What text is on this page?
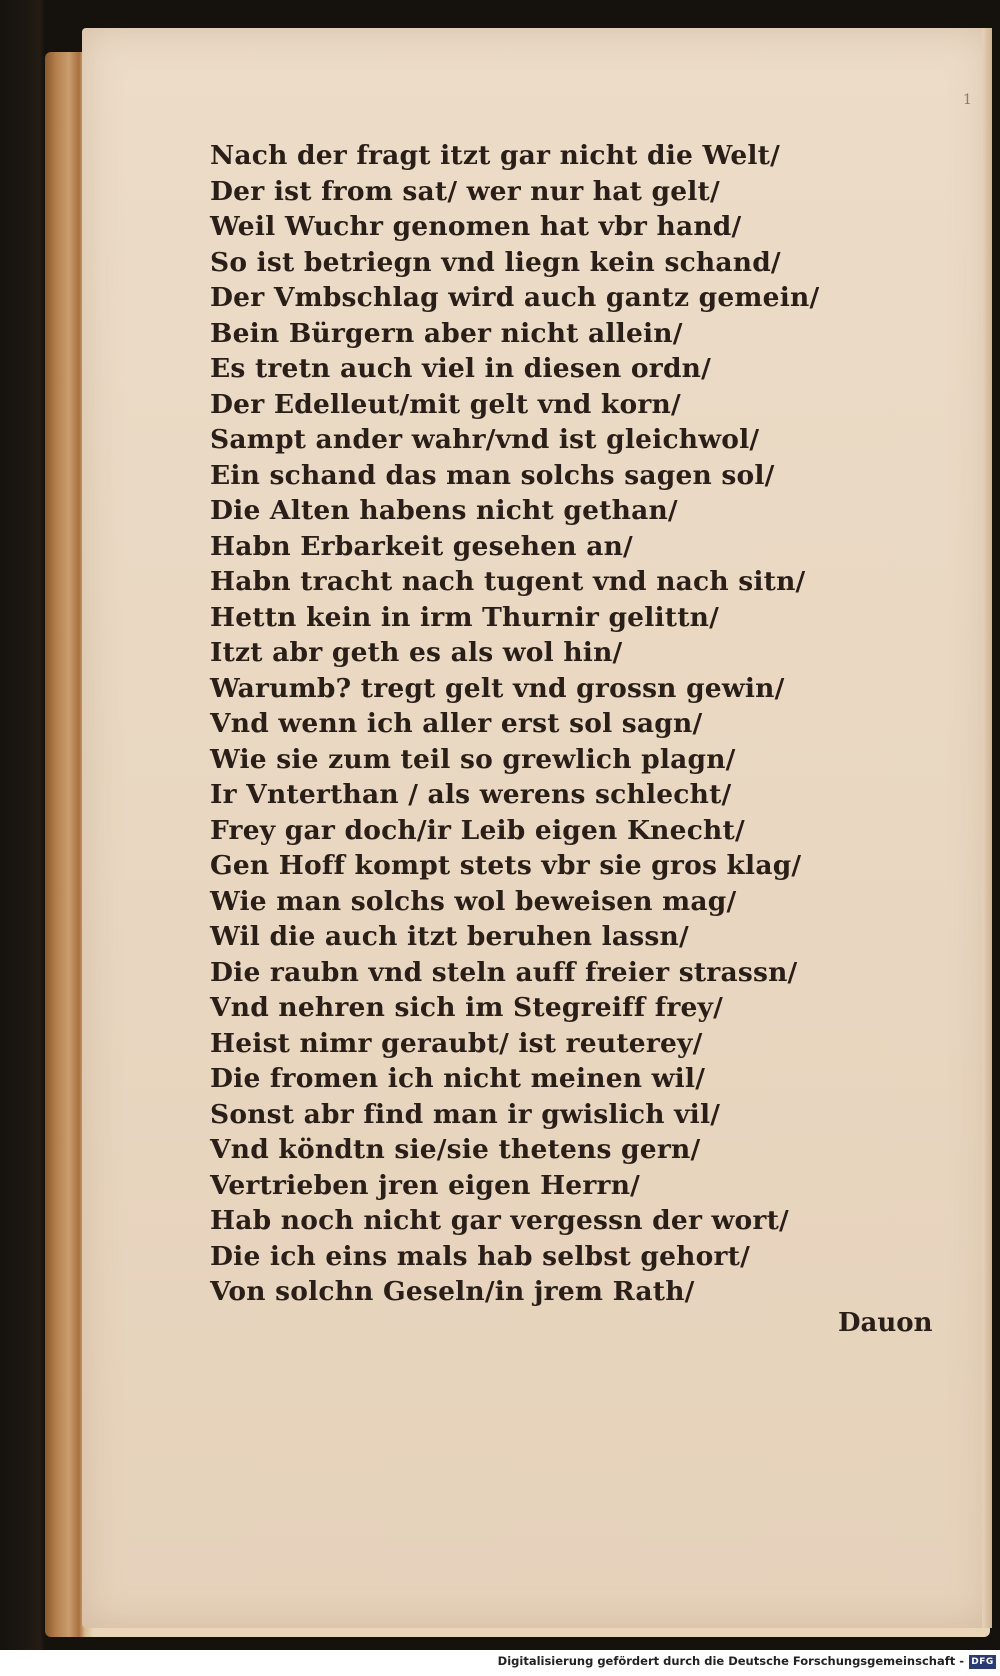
1
Nach der fragt itzt gar nicht die Welt/
Der ist from sat/ wer nur hat gelt/
Weil Wuchr genomen hat vbr hand/
So ist betriegn vnd liegn kein schand/
Der Vmbschlag wird auch gantz gemein/
Bein Bürgern aber nicht allein/
Es tretn auch viel in diesen ordn/
Der Edelleut/mit gelt vnd korn/
Sampt ander wahr/vnd ist gleichwol/
Ein schand das man solchs sagen sol/
Die Alten habens nicht gethan/
Habn Erbarkeit gesehen an/
Habn tracht nach tugent vnd nach sitn/
Hettn kein in irm Thurnir gelittn/
Itzt abr geth es als wol hin/
Warumb? tregt gelt vnd grossn gewin/
Vnd wenn ich aller erst sol sagn/
Wie sie zum teil so grewlich plagn/
Ir Vnterthan / als werens schlecht/
Frey gar doch/ir Leib eigen Knecht/
Gen Hoff kompt stets vbr sie gros klag/
Wie man solchs wol beweisen mag/
Wil die auch itzt beruhen lassn/
Die raubn vnd steln auff freier strassn/
Vnd nehren sich im Stegreiff frey/
Heist nimr geraubt/ ist reuterey/
Die fromen ich nicht meinen wil/
Sonst abr find man ir gwislich vil/
Vnd köndtn sie/sie thetens gern/
Vertrieben jren eigen Herrn/
Hab noch nicht gar vergessn der wort/
Die ich eins mals hab selbst gehort/
Von solchn Geseln/in jrem Rath/
Dauon
Digitalisierung gefördert durch die Deutsche Forschungsgemeinschaft - DFG
